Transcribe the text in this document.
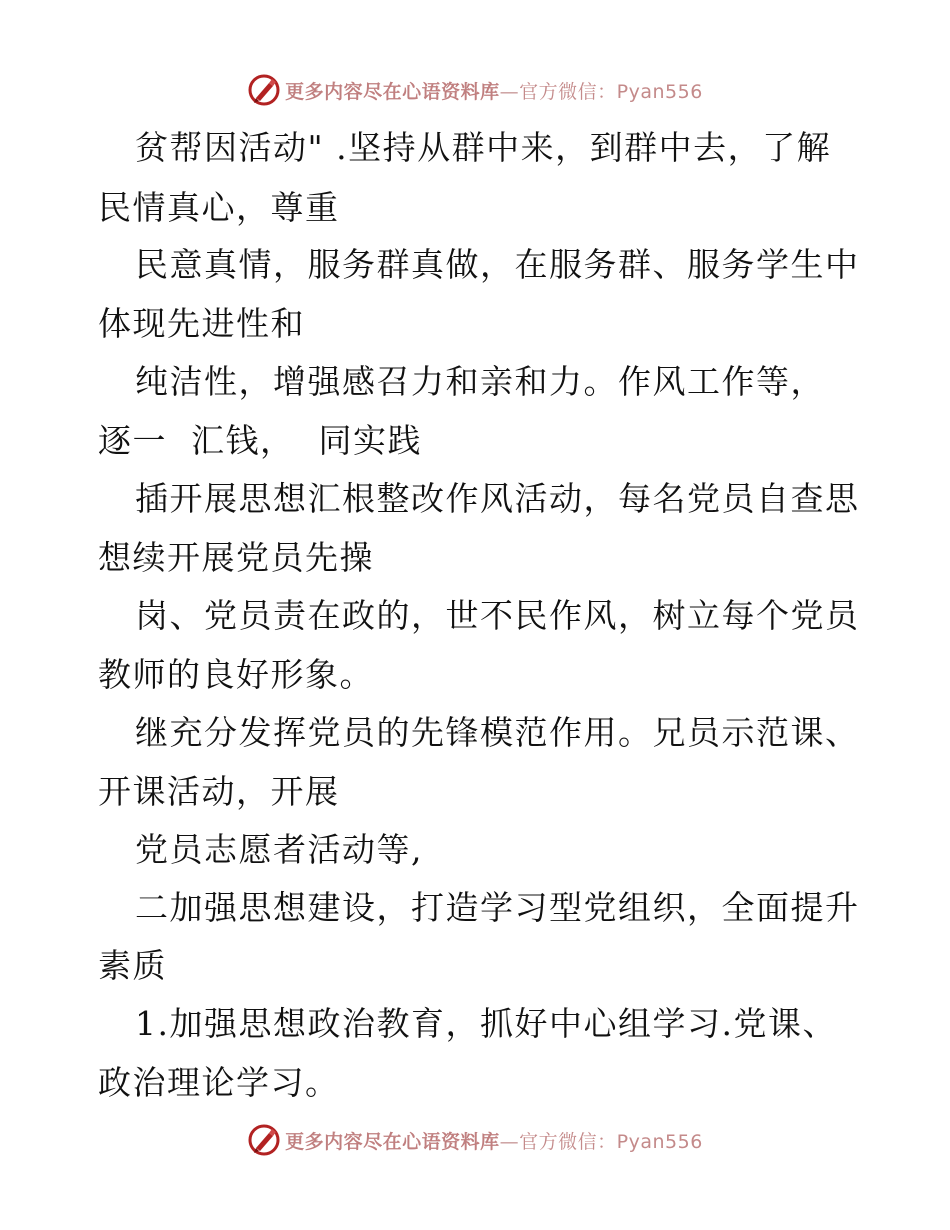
更多内容尽在心语资料库—官方微信：Pyan556
贫帮因活动" .坚持从群中来，到群中去，了解
民情真心，尊重
民意真情，服务群真做，在服务群、服务学生中
体现先进性和
纯洁性，增强感召力和亲和力。作风工作等，
逐一  汇钱，  同实践
插开展思想汇根整改作风活动，每名党员自查思
想续开展党员先操
岗、党员责在政的，世不民作风，树立每个党员
教师的良好形象。
继充分发挥党员的先锋模范作用。兄员示范课、
开课活动，开展
党员志愿者活动等,
二加强思想建设，打造学习型党组织，全面提升
素质
1.加强思想政治教育，抓好中心组学习.党课、
政治理论学习。
更多内容尽在心语资料库—官方微信：Pyan556
